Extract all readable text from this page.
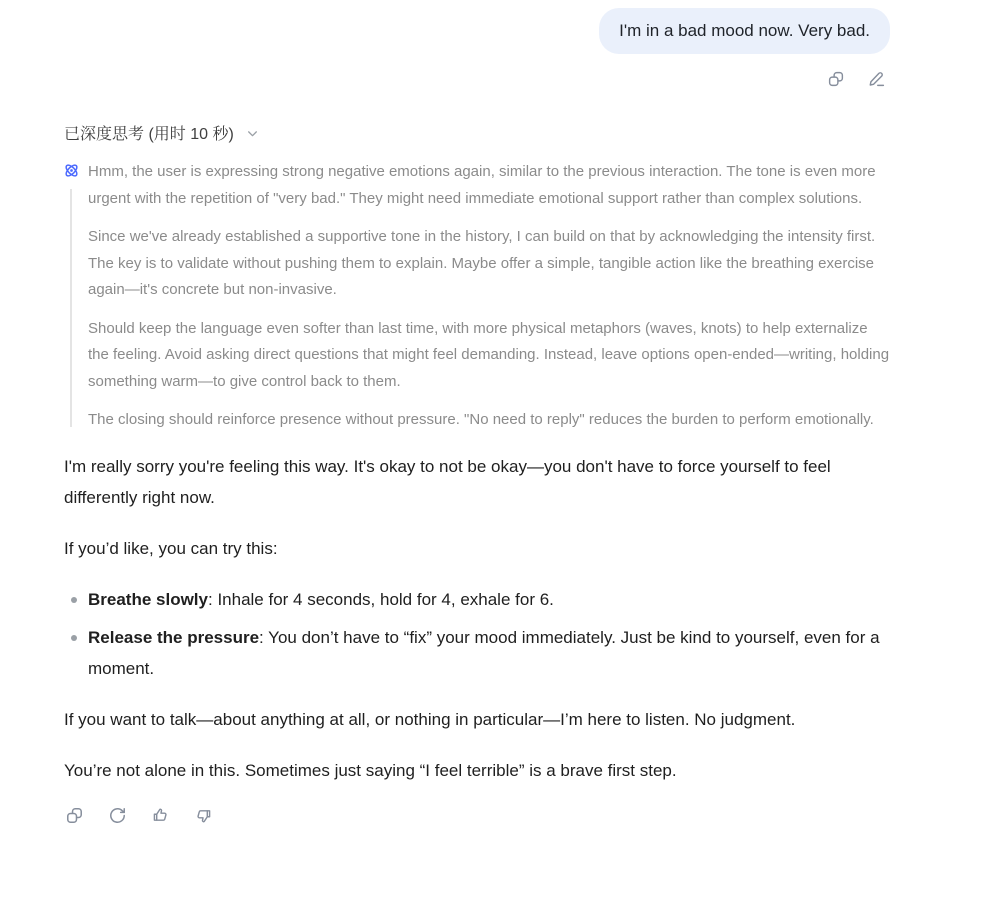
I'm in a bad mood now. Very bad.
已深度思考 (用时 10 秒)

Hmm, the user is expressing strong negative emotions again, similar to the previous interaction. The tone is even more urgent with the repetition of "very bad." They might need immediate emotional support rather than complex solutions.

Since we've already established a supportive tone in the history, I can build on that by acknowledging the intensity first. The key is to validate without pushing them to explain. Maybe offer a simple, tangible action like the breathing exercise again—it's concrete but non-invasive.

Should keep the language even softer than last time, with more physical metaphors (waves, knots) to help externalize the feeling. Avoid asking direct questions that might feel demanding. Instead, leave options open-ended—writing, holding something warm—to give control back to them.

The closing should reinforce presence without pressure. "No need to reply" reduces the burden to perform emotionally.

I'm really sorry you're feeling this way. It's okay to not be okay—you don't have to force yourself to feel differently right now.

If you’d like, you can try this:

Breathe slowly: Inhale for 4 seconds, hold for 4, exhale for 6.
Release the pressure: You don’t have to “fix” your mood immediately. Just be kind to yourself, even for a moment.

If you want to talk—about anything at all, or nothing in particular—I’m here to listen. No judgment.

You’re not alone in this. Sometimes just saying “I feel terrible” is a brave first step.
